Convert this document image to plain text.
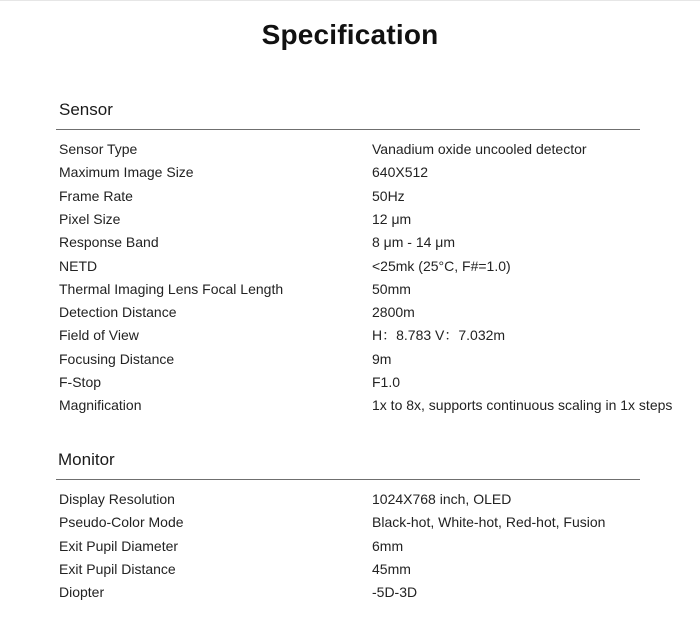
Specification
Sensor
Sensor Type	Vanadium oxide uncooled detector
Maximum Image Size	640X512
Frame Rate	50Hz
Pixel Size	12 μm
Response Band	8 μm - 14 μm
NETD	<25mk (25°C, F#=1.0)
Thermal Imaging Lens Focal Length	50mm
Detection Distance	2800m
Field of View	H：8.783 V：7.032m
Focusing Distance	9m
F-Stop	F1.0
Magnification	1x to 8x, supports continuous scaling in 1x steps
Monitor
Display Resolution	1024X768 inch, OLED
Pseudo-Color Mode	Black-hot, White-hot, Red-hot, Fusion
Exit Pupil Diameter	6mm
Exit Pupil Distance	45mm
Diopter	-5D-3D
